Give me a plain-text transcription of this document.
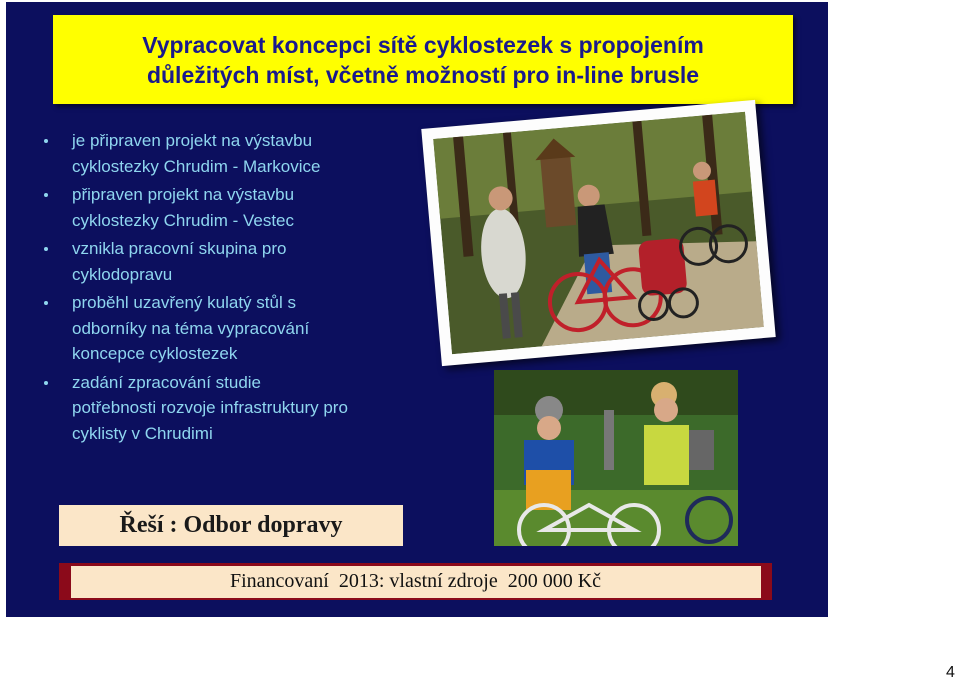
Vypracovat koncepci sítě cyklostezek s propojením
důležitých míst, včetně možností pro in-line brusle
je připraven projekt na výstavbu
cyklostezky Chrudim - Markovice
připraven projekt na výstavbu
cyklostezky Chrudim - Vestec
vznikla pracovní skupina pro
cyklodopravu
proběhl uzavřený kulatý stůl s
odborníky na téma vypracování
koncepce cyklostezek
zadání zpracování studie
potřebnosti rozvoje infrastruktury pro
cyklisty v Chrudimi
Řeší : Odbor dopravy
Financovaní  2013: vlastní zdroje  200 000 Kč
4
